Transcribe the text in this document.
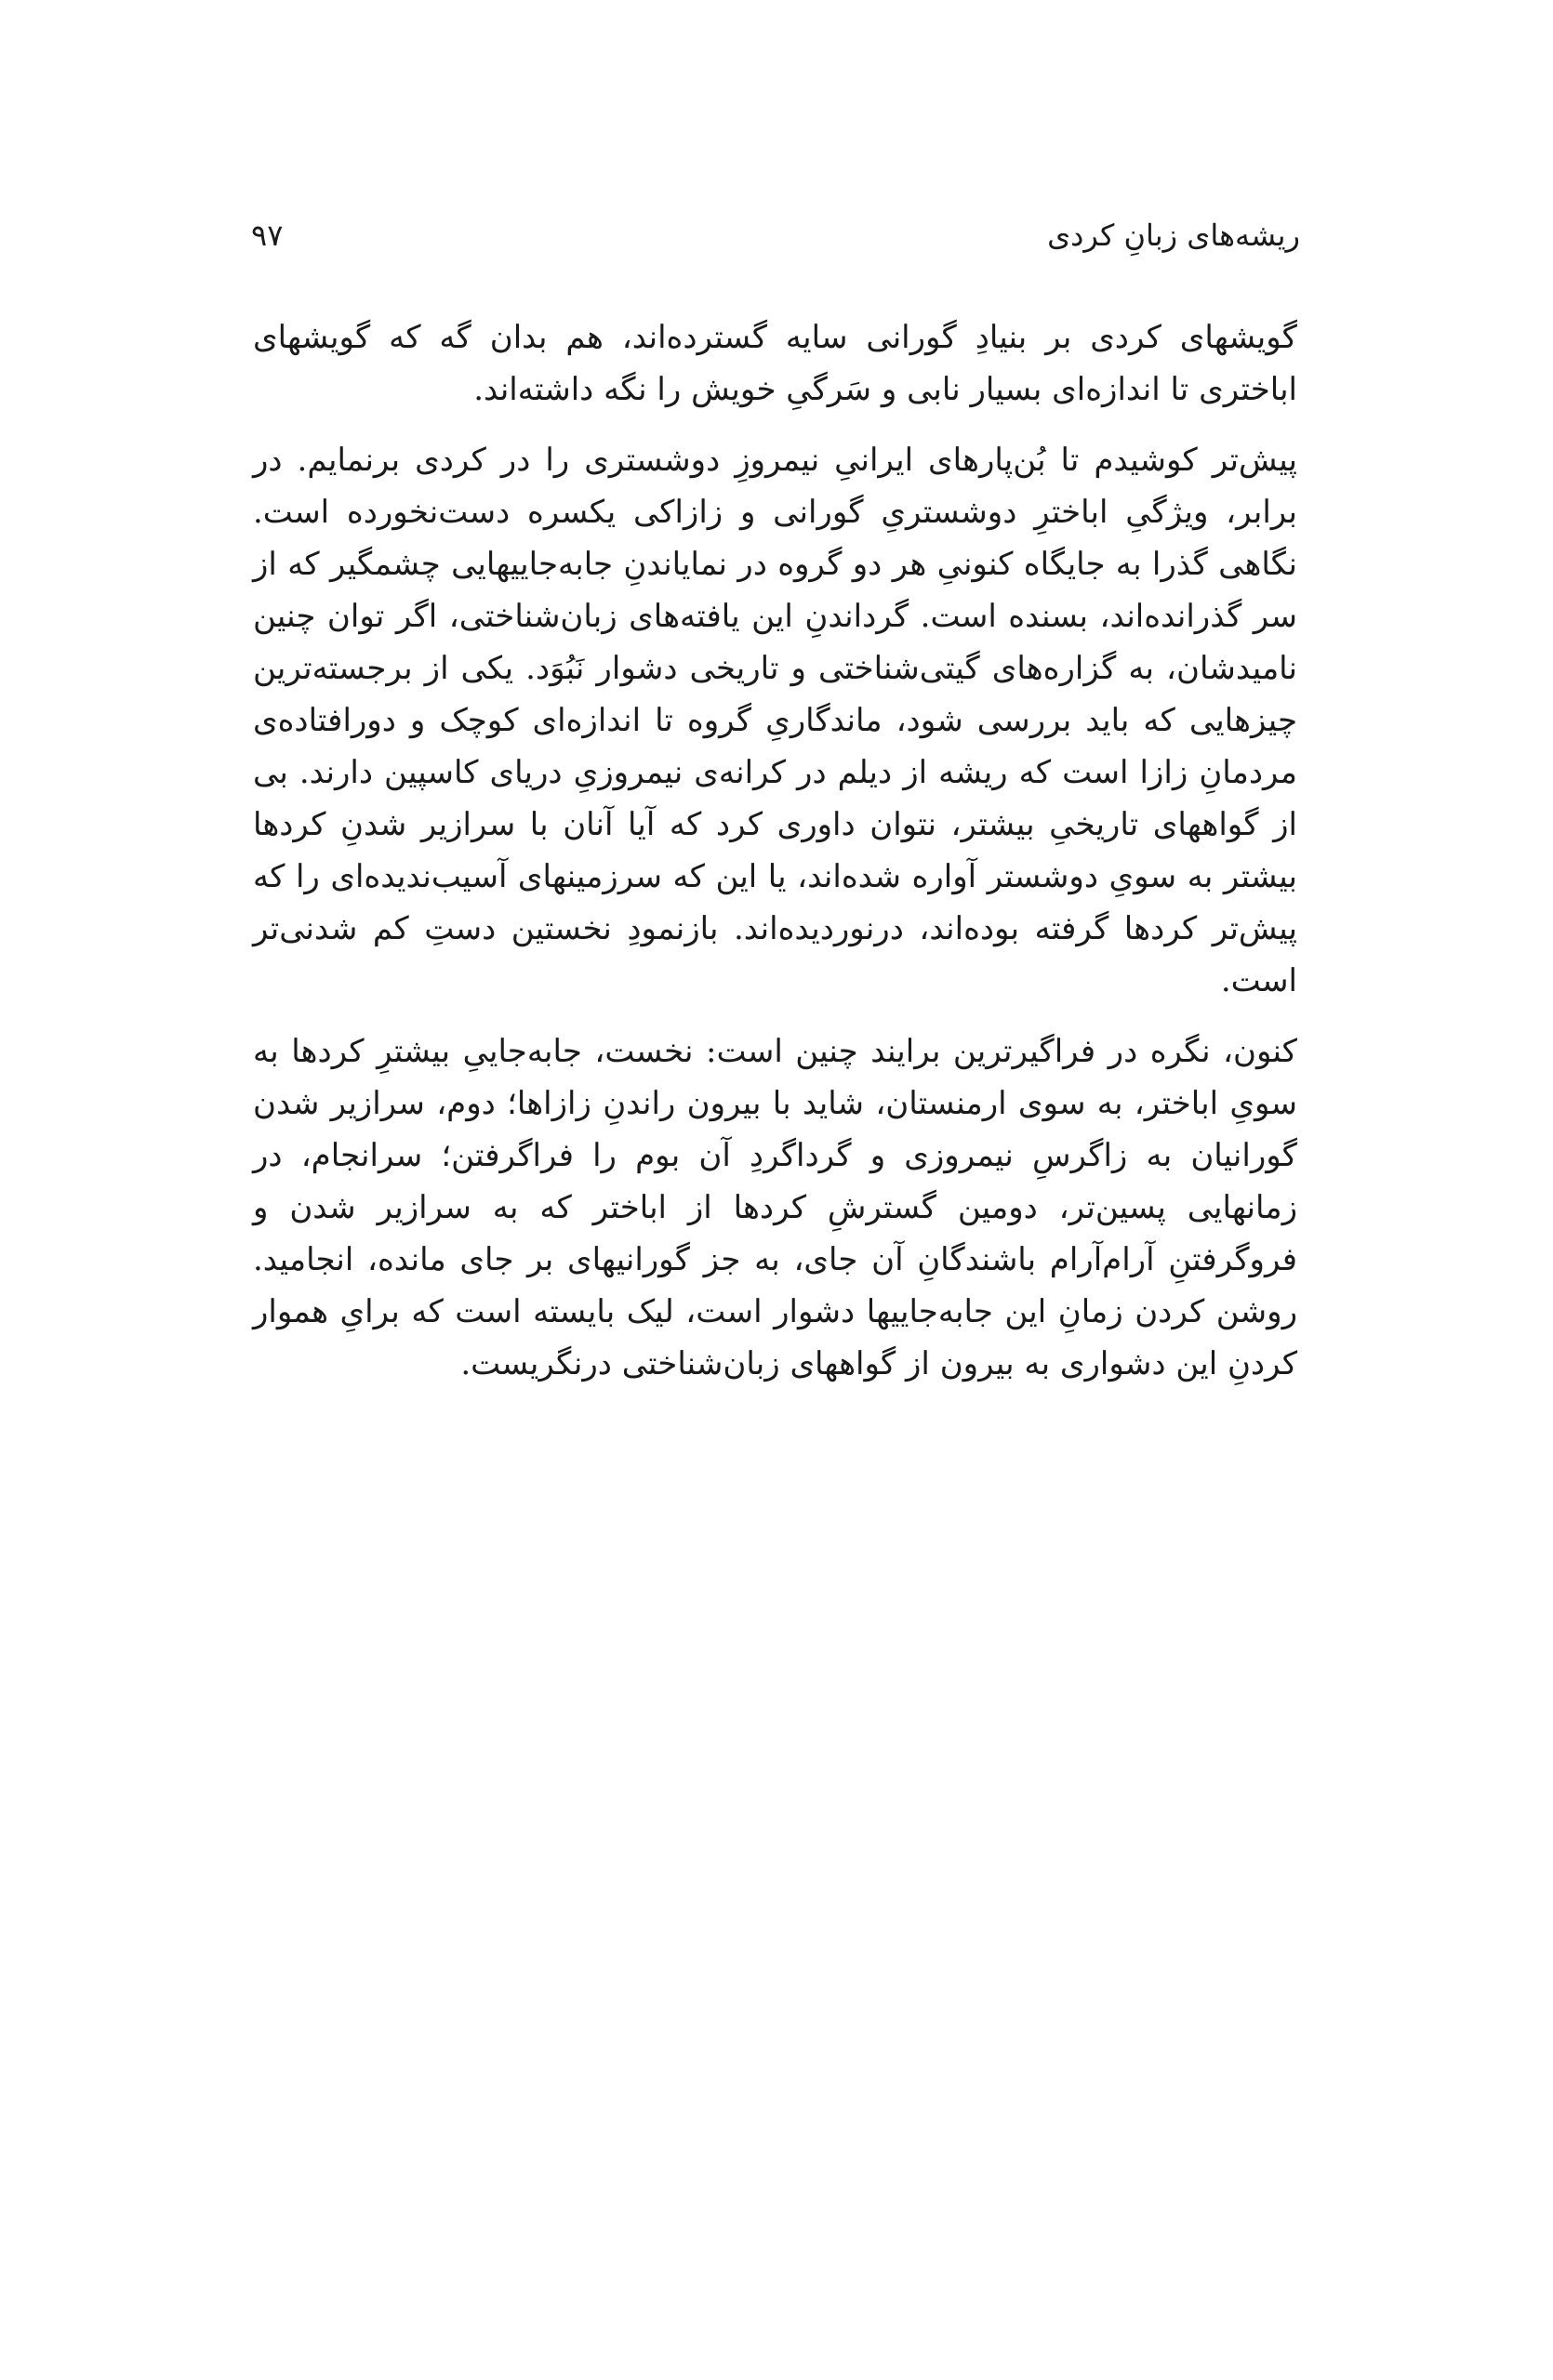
ریشه‌های زبانِ کردی
۹۷

گویشهای کردی بر بنیادِ گورانی سایه گسترده‌اند، هم بدان گه که گویشهای اباختری تا اندازه‌ای بسیار نابی و سَرگیِ خویش را نگه داشته‌اند.

پیش‌تر کوشیدم تا بُن‌پارهای ایرانیِ نیمروزِ دوشستری را در کردی برنمایم. در برابر، ویژگیِ اباخترِ دوشستریِ گورانی و زازاکی یکسره دست‌نخورده است. نگاهی گذرا به جایگاه کنونیِ هر دو گروه در نمایاندنِ جابه‌جاییهایی چشمگیر که از سر گذرانده‌اند، بسنده است. گرداندنِ این یافته‌های زبان‌شناختی، اگر توان چنین نامیدشان، به گزاره‌های گیتی‌شناختی و تاریخی دشوار نَبُوَد. یکی از برجسته‌ترین چیزهایی که باید بررسی شود، ماندگاریِ گروه تا اندازه‌ای کوچک و دورافتاده‌ی مردمانِ زازا است که ریشه از دیلم در کرانه‌ی نیمروزیِ دریای کاسپین دارند. بی از گواههای تاریخیِ بیشتر، نتوان داوری کرد که آیا آنان با سرازیر شدنِ کردها بیشتر به سویِ دوشستر آواره شده‌اند، یا این که سرزمینهای آسیب‌ندیده‌ای را که پیش‌تر کردها گرفته بوده‌اند، درنوردیده‌اند. بازنمودِ نخستین دستِ کم شدنی‌تر است.

کنون، نگره در فراگیرترین برایند چنین است: نخست، جابه‌جاییِ بیشترِ کردها به سویِ اباختر، به سوی ارمنستان، شاید با بیرون راندنِ زازاها؛ دوم، سرازیر شدن گورانیان به زاگرسِ نیمروزی و گرداگردِ آن بوم را فراگرفتن؛ سرانجام، در زمانهایی پسین‌تر، دومین گسترشِ کردها از اباختر که به سرازیر شدن و فروگرفتنِ آرام‌آرام باشندگانِ آن جای، به جز گورانیهای بر جای مانده، انجامید. روشن کردن زمانِ این جابه‌جاییها دشوار است، لیک بایسته است که برایِ هموار کردنِ این دشواری به بیرون از گواههای زبان‌شناختی درنگریست.
